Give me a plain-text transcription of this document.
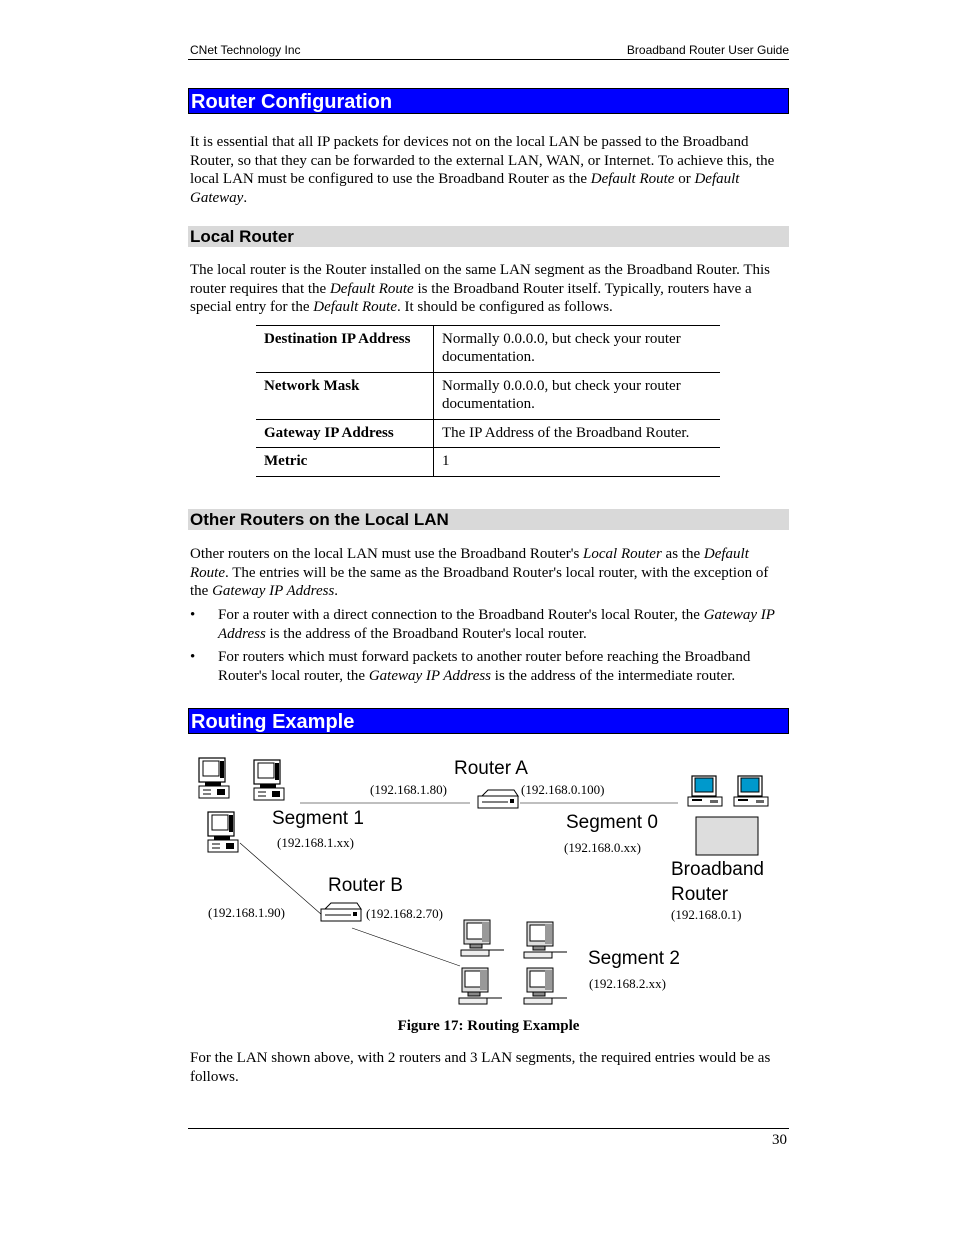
CNet Technology Inc	Broadband Router User Guide
Router Configuration
It is essential that all IP packets for devices not on the local LAN be passed to the Broadband Router, so that they can be forwarded to the external LAN, WAN, or Internet. To achieve this, the local LAN must be configured to use the Broadband Router as the Default Route or Default Gateway.
Local Router
The local router is the Router installed on the same LAN segment as the Broadband Router. This router requires that the Default Route is the Broadband Router itself. Typically, routers have a special entry for the Default Route. It should be configured as follows.
Destination IP Address	Normally 0.0.0.0, but check your router documentation.
Network Mask	Normally 0.0.0.0, but check your router documentation.
Gateway IP Address	The IP Address of the Broadband Router.
Metric	1
Other Routers on the Local LAN
Other routers on the local LAN must use the Broadband Router's Local Router as the Default Route. The entries will be the same as the Broadband Router's local router, with the exception of the Gateway IP Address.
• For a router with a direct connection to the Broadband Router's local Router, the Gateway IP Address is the address of the Broadband Router's local router.
• For routers which must forward packets to another router before reaching the Broadband Router's local router, the Gateway IP Address is the address of the intermediate router.
Routing Example
Router A
(192.168.1.80)	(192.168.0.100)
Segment 1
(192.168.1.xx)
Segment 0
(192.168.0.xx)
Broadband
Router
(192.168.0.1)
Router B
(192.168.1.90)	(192.168.2.70)
Segment 2
(192.168.2.xx)
Figure 17: Routing Example
For the LAN shown above, with 2 routers and 3 LAN segments, the required entries would be as follows.
30
